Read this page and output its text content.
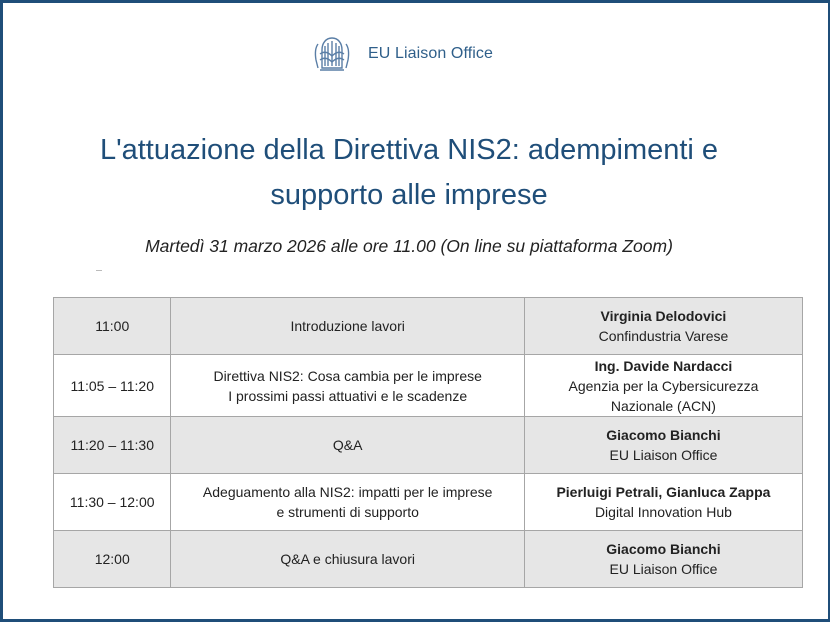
EU Liaison Office
L'attuazione della Direttiva NIS2: adempimenti e
supporto alle imprese
Martedì 31 marzo 2026 alle ore 11.00 (On line su piattaforma Zoom)
11:00	Introduzione lavori	Virginia Delodovici
Confindustria Varese

11:05 – 11:20	Direttiva NIS2: Cosa cambia per le imprese
I prossimi passi attuativi e le scadenze	Ing. Davide Nardacci
Agenzia per la Cybersicurezza
Nazionale (ACN)

11:20 – 11:30	Q&A	Giacomo Bianchi
EU Liaison Office

11:30 – 12:00	Adeguamento alla NIS2: impatti per le imprese
e strumenti di supporto	Pierluigi Petrali, Gianluca Zappa
Digital Innovation Hub

12:00	Q&A e chiusura lavori	Giacomo Bianchi
EU Liaison Office
